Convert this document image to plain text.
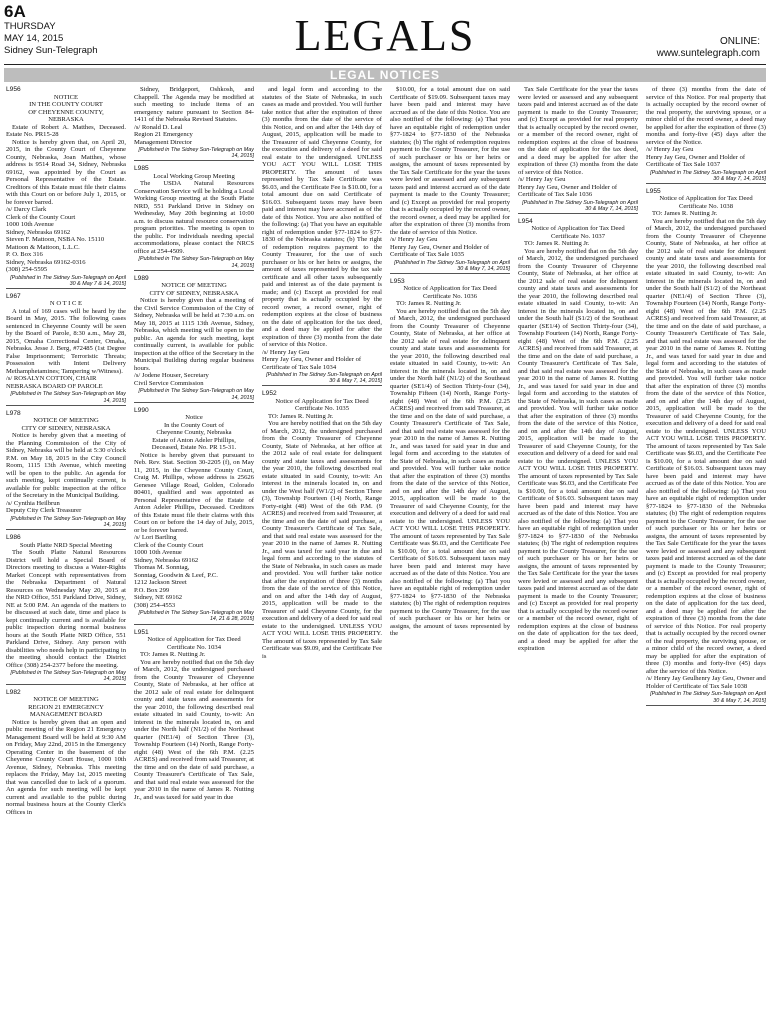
6A
THURSDAY
MAY 14, 2015
Sidney Sun-Telegraph	LEGALS	ONLINE:
www.suntelegraph.com
LEGAL NOTICES
L956
NOTICE
IN THE COUNTY COURT
OF CHEYENNE COUNTY,
NEBRASKA
Estate of Robert A. Matthes, Deceased. Estate No. PR15-28
Notice is hereby given that, on April 20, 2015, in the County Court of Cheyenne County, Nebraska, Joan Matthes, whose address is 9514 Road 34, Sidney, Nebraska 69162, was appointed by the Court as Personal Representative of the Estate. Creditors of this Estate must file their claims with this Court on or before July 1, 2015, or be forever barred.
/s/ Darcy Clark
Clerk of the County Court
1000 10th Avenue
Sidney, Nebraska 69162
Steven F. Mattoon, NSBA No. 15110
Mattoon & Mattoon, L.L.C.
P. O. Box 316
Sidney, Nebraska 69162-0316
(308) 254-5595
[Published in The Sidney Sun-Telegraph on April 30 & May 7 & 14, 2015]
L967
N O T I C E
A total of 169 cases will be heard by the Board in May, 2015. The following cases sentenced in Cheyenne County will be seen by the Board of Parole, 8:30 a.m., May 28, 2015, Omaha Correctional Center, Omaha, Nebraska. Jesse J. Berg, #72485 (1st Degree False Imprisonment; Terroristic Threats; Possession with Intent Delivery Methamphetamines; Tampering w/Witness).
/s/ ROSALYN COTTON, CHAIR
NEBRASKA BOARD OF PAROLE
[Published in The Sidney Sun-Telegraph on May 14, 2015]
L978
NOTICE OF MEETING
CITY OF SIDNEY, NEBRASKA
Notice is hereby given that a meeting of the Planning Commission of the City of Sidney, Nebraska will be held at 5:30 o'clock P.M. on May 18, 2015 in the City Council Room, 1115 13th Avenue, which meeting will be open to the public. An agenda for such meeting, kept continually current, is available for public inspection at the office of the Secretary in the Municipal Building.
/s/ Cynthia Heilbrun
Deputy City Clerk Treasurer
[Published in The Sidney Sun-Telegraph on May 14, 2015]
L986
South Platte NRD Special Meeting
The South Platte Natural Resources District will hold a Special Board of Directors meeting to discuss a Water-Rights Market Concept with representatives from the Nebraska Department of Natural Resources on Wednesday May 20, 2015 at the NRD Office, 551 Parkland Drive, Sidney, NE at 5:00 P.M. An agenda of the matters to be discussed at such date, time and place is kept continually current and is available for public inspection during normal business hours at the South Platte NRD Office, 551 Parkland Drive, Sidney. Any person with disabilities who needs help in participating in the meeting should contact the District Office (308) 254-2377 before the meeting.
[Published in The Sidney Sun-Telegraph on May 14, 2015]
L982
NOTICE OF MEETING
REGION 21 EMERGENCY
MANAGEMENT BOARD
Notice is hereby given that an open and public meeting of the Region 21 Emergency Management Board will be held at 9:30 AM on Friday, May 22nd, 2015 in the Emergency Operating Center in the basement of the Cheyenne County Court House, 1000 10th Avenue, Sidney, Nebraska. This meeting replaces the Friday, May 1st, 2015 meeting that was cancelled due to lack of a quorum. An agenda for such meeting will be kept current and available to the public during normal business hours at the County Clerk's Offices in
Sidney, Bridgeport, Oshkosh, and Chappell. The Agenda may be modified at such meeting to include items of an emergency nature pursuant to Section 84-1411 of the Nebraska Revised Statutes.
/s/ Ronald D. Leal
Region 21 Emergency
Management Director
[Published in The Sidney Sun-Telegraph on May 14, 2015]
L985
Local Working Group Meeting
The USDA Natural Resources Conservation Service will be holding a Local Working Group meeting at the South Platte NRD, 551 Parkland Drive in Sidney on Wednesday, May 20th beginning at 10:00 a.m. to discuss natural resource conservation program priorities. The meeting is open to the public. For individuals needing special accommodations, please contact the NRCS office at 254-4509.
[Published in The Sidney Sun-Telegraph on May 14, 2015]
L989
NOTICE OF MEETING
CITY OF SIDNEY, NEBRASKA
Notice is hereby given that a meeting of the Civil Service Commission of the City of Sidney, Nebraska will be held at 7:30 a.m. on May 18, 2015 at 1115 13th Avenue, Sidney, Nebraska, which meeting will be open to the public. An agenda for such meeting, kept continually current, is available for public inspection at the office of the Secretary in the Municipal Building during regular business hours.
/s/ Jodene Houser, Secretary
Civil Service Commission
[Published in The Sidney Sun-Telegraph on May 14, 2015]
L990
Notice
In the County Court of
Cheyenne County, Nebraska
Estate of Anton Adeler Phillips,
Deceased, Estate No. PR 15-31.
Notice is hereby given that pursuant to Neb. Rev. Stat. Section 30-2205 (f), on May 11, 2015, in the Cheyenne County Court, Craig M. Phillips, whose address is 25626 Genesee Village Road, Golden, Colorado 80401, qualified and was appointed as Personal Representative of the Estate of Anton Adeler Phillips, Deceased. Creditors of this Estate must file their claims with this Court on or before the 14 day of July, 2015, or be forever barred.
/s/ Lori Bartling
Clerk of the County Court
1000 10th Avenue
Sidney, Nebraska 69162
Thomas M. Sonntag,
Sonntag, Goodwin & Leef, P.C.
1212 Jackson Street
P.O. Box 299
Sidney, NE 69162
(308) 254-4553
[Published in The Sidney Sun-Telegraph on May 14, 21 & 28, 2015]
L951
Notice of Application for Tax Deed
Certificate No. 1034
TO: James R. Nutting Jr.
You are hereby notified that on the 5th day of March, 2012, the undersigned purchased from the County Treasurer of Cheyenne County, State of Nebraska, at her office at the 2012 sale of real estate for delinquent county and state taxes and assessments for the year 2010, the following described real estate situated in said County, to-wit: An interest in the minerals located in, on and under the North half (N1/2) of the Northeast quarter (NE1/4) of Section Three (3), Township Fourteen (14) North, Range Forty-eight (48) West of the 6th P.M. (2.25 ACRES) and received from said Treasurer, at the time and on the date of said purchase, a County Treasurer's Certificate of Tax Sale, and that said real estate was assessed for the year 2010 in the name of James R. Nutting Jr., and was taxed for said year in due
and legal form and according to the statutes of the State of Nebraska, in such cases as made and provided. You will further take notice that after the expiration of three (3) months from the date of the service of this Notice, and on and after the 14th day of August, 2015, application will be made to the Treasurer of said Cheyenne County, for the execution and delivery of a deed for said real estate to the undersigned. UNLESS YOU ACT YOU WILL LOSE THIS PROPERTY. The amount of taxes represented by Tax Sale Certificate was $6.03, and the Certificate Fee is $10.00, for a total amount due on said Certificate of $16.03. Subsequent taxes may have been paid and interest may have accrued as of the date of this Notice. You are also notified of the following: (a) That you have an equitable right of redemption under §77-1824 to §77-1830 of the Nebraska statutes; (b) The right of redemption requires payment to the County Treasurer, for the use of such purchaser or his or her heirs or assigns, the amount of taxes represented by the tax sale certificate and all other taxes subsequently paid and interest as of the date payment is made; and (c) Except as provided for real property that is actually occupied by the record owner, a record owner, right of redemption expires at the close of business on the date of application for the tax deed, and a deed may be applied for after the expiration of three (3) months from the date of service of this Notice.
/s/ Henry Jay Geu
Henry Jay Geu, Owner and Holder of Certificate of Tax Sale 1034
[Published in The Sidney Sun-Telegraph on April 30 & May 7, 14, 2015]
L952
Notice of Application for Tax Deed
Certificate No. 1035
TO: James R. Nutting Jr.
You are hereby notified that on the 5th day of March, 2012, the undersigned purchased from the County Treasurer of Cheyenne County, State of Nebraska, at her office at the 2012 sale of real estate for delinquent county and state taxes and assessments for the year 2010, the following described real estate situated in said County, to-wit: An interest in the minerals located in, on and under the West half (W1/2) of Section Three (3), Township Fourteen (14) North, Range Forty-eight (48) West of the 6th P.M. (9 ACRES) and received from said Treasurer, at the time and on the date of said purchase, a County Treasurer's Certificate of Tax Sale, and that said real estate was assessed for the year 2010 in the name of James R. Nutting Jr., and was taxed for said year in due and legal form and according to the statutes of the State of Nebraska, in such cases as made and provided. You will further take notice that after the expiration of three (3) months from the date of the service of this Notice, and on and after the 14th day of August, 2015, application will be made to the Treasurer of said Cheyenne County, for the execution and delivery of a deed for said real estate to the undersigned. UNLESS YOU ACT YOU WILL LOSE THIS PROPERTY. The amount of taxes represented by Tax Sale Certificate was $9.09, and the Certificate Fee is
$10.00, for a total amount due on said Certificate of $19.09. Subsequent taxes may have been paid and interest may have accrued as of the date of this Notice. You are also notified of the following: (a) That you have an equitable right of redemption under §77-1824 to §77-1830 of the Nebraska statutes; (b) The right of redemption requires payment to the County Treasurer, for the use of such purchaser or his or her heirs or assigns, the amount of taxes represented by the Tax Sale Certificate for the year the taxes were levied or assessed and any subsequent taxes paid and interest accrued as of the date payment is made to the County Treasurer; and (c) Except as provided for real property that is actually occupied by the record owner, the record owner, a deed may be applied for after the expiration of three (3) months from the date of service of this Notice.
/s/ Henry Jay Geu
Henry Jay Geu, Owner and Holder of Certificate of Tax Sale 1035
[Published in The Sidney Sun-Telegraph on April 30 & May 7, 14, 2015]
L953
Notice of Application for Tax Deed
Certificate No. 1036
TO: James R. Nutting Jr.
You are hereby notified that on the 5th day of March, 2012, the undersigned purchased from the County Treasurer of Cheyenne County, State of Nebraska, at her office at the 2012 sale of real estate for delinquent county and state taxes and assessments for the year 2010, the following described real estate situated in said County, to-wit: An interest in the minerals located in, on and under the North half (N1/2) of the Southeast quarter (SE1/4) of Section Thirty-four (34), Township Fifteen (14) North, Range Forty-eight (48) West of the 6th P.M. (2.25 ACRES) and received from said Treasurer, at the time and on the date of said purchase, a County Treasurer's Certificate of Tax Sale, and that said real estate was assessed for the year 2010 in the name of James R. Nutting Jr., and was taxed for said year in due and legal form and according to the statutes of the State of Nebraska, in such cases as made and provided. You will further take notice that after the expiration of three (3) months from the date of the service of this Notice, and on and after the 14th day of August, 2015, application will be made to the Treasurer of said Cheyenne County, for the execution and delivery of a deed for said real estate to the undersigned. UNLESS YOU ACT YOU WILL LOSE THIS PROPERTY. The amount of taxes represented by Tax Sale Certificate was $6.03, and the Certificate Fee is $10.00, for a total amount due on said Certificate of $16.03. Subsequent taxes may have been paid and interest may have accrued as of the date of this Notice. You are also notified of the following: (a) That you have an equitable right of redemption under §77-1824 to §77-1830 of the Nebraska statutes; (b) The right of redemption requires payment to the County Treasurer, for the use of such purchaser or his or her heirs or assigns, the amount of taxes represented by the
Tax Sale Certificate for the year the taxes were levied or assessed and any subsequent taxes paid and interest accrued as of the date payment is made to the County Treasurer; and (c) Except as provided for real property that is actually occupied by the record owner, or a member of the record owner, right of redemption expires at the close of business on the date of application for the tax deed, and a deed may be applied for after the expiration of three (3) months from the date of service of this Notice.
/s/ Henry Jay Geu
Henry Jay Geu, Owner and Holder of Certificate of Tax Sale 1036
[Published in The Sidney Sun-Telegraph on April 30 & May 7, 14, 2015]
L954
Notice of Application for Tax Deed
Certificate No. 1037
TO: James R. Nutting Jr.
You are hereby notified that on the 5th day of March, 2012, the undersigned purchased from the County Treasurer of Cheyenne County, State of Nebraska, at her office at the 2012 sale of real estate for delinquent county and state taxes and assessments for the year 2010, the following described real estate situated in said County, to-wit: An interest in the minerals located in, on and under the South half (S1/2) of the Southeast quarter (SE1/4) of Section Thirty-four (34), Township Fourteen (14) North, Range Forty-eight (48) West of the 6th P.M. (2.25 ACRES) and received from said Treasurer, at the time and on the date of said purchase, a County Treasurer's Certificate of Tax Sale, and that said real estate was assessed for the year 2010 in the name of James R. Nutting Jr., and was taxed for said year in due and legal form and according to the statutes of the State of Nebraska, in such cases as made and provided. You will further take notice that after the expiration of three (3) months from the date of the service of this Notice, and on and after the 14th day of August, 2015, application will be made to the Treasurer of said Cheyenne County, for the execution and delivery of a deed for said real estate to the undersigned. UNLESS YOU ACT YOU WILL LOSE THIS PROPERTY. The amount of taxes represented by Tax Sale Certificate was $6.03, and the Certificate Fee is $10.00, for a total amount due on said Certificate of $16.03. Subsequent taxes may have been paid and interest may have accrued as of the date of this Notice. You are also notified of the following: (a) That you have an equitable right of redemption under §77-1824 to §77-1830 of the Nebraska statutes; (b) The right of redemption requires payment to the County Treasurer, for the use of such purchaser or his or her heirs or assigns, the amount of taxes represented by the Tax Sale Certificate for the year the taxes were levied or assessed and any subsequent taxes paid and interest accrued as of the date payment is made to the County Treasurer; and (c) Except as provided for real property that is actually occupied by the record owner or a member of the record owner, right of redemption expires at the close of business on the date of application for the tax deed, and a deed may be applied for after the expiration
of three (3) months from the date of service of this Notice. For real property that is actually occupied by the record owner of the real property, the surviving spouse, or a minor child of the record owner, a deed may be applied for after the expiration of three (3) months and forty-five (45) days after the service of the Notice.
/s/ Henry Jay Geu
Henry Jay Geu, Owner and Holder of Certificate of Tax Sale 1037
[Published in The Sidney Sun-Telegraph on April 30 & May 7, 14, 2015]
L955
Notice of Application for Tax Deed
Certificate No. 1038
TO: James R. Nutting Jr.
You are hereby notified that on the 5th day of March, 2012, the undersigned purchased from the County Treasurer of Cheyenne County, State of Nebraska, at her office at the 2012 sale of real estate for delinquent county and state taxes and assessments for the year 2010, the following described real estate situated in said County, to-wit: An interest in the minerals located in, on and under the South half (S1/2) of the Northeast quarter (NE1/4) of Section Three (3), Township Fourteen (14) North, Range Forty-eight (48) West of the 6th P.M. (2.25 ACRES) and received from said Treasurer, at the time and on the date of said purchase, a County Treasurer's Certificate of Tax Sale, and that said real estate was assessed for the year 2010 in the name of James R. Nutting Jr., and was taxed for said year in due and legal form and according to the statutes of the State of Nebraska, in such cases as made and provided. You will further take notice that after the expiration of three (3) months from the date of the service of this Notice, and on and after the 14th day of August, 2015, application will be made to the Treasurer of said Cheyenne County, for the execution and delivery of a deed for said real estate to the undersigned. UNLESS YOU ACT YOU WILL LOSE THIS PROPERTY. The amount of taxes represented by Tax Sale Certificate was $6.03, and the Certificate Fee is $10.00, for a total amount due on said Certificate of $16.03. Subsequent taxes may have been paid and interest may have accrued as of the date of this Notice. You are also notified of the following: (a) That you have an equitable right of redemption under §77-1824 to §77-1830 of the Nebraska statutes; (b) The right of redemption requires payment to the County Treasurer, for the use of such purchaser or his or her heirs or assigns, the amount of taxes represented by the Tax Sale Certificate for the year the taxes were levied or assessed and any subsequent taxes paid and interest accrued as of the date payment is made to the County Treasurer; and (c) Except as provided for real property that is actually occupied by the record owner, or a member of the record owner, right of redemption expires at the close of business on the date of application for the tax deed, and a deed may be applied for after the expiration of three (3) months from the date of service of this Notice. For real property that is actually occupied by the record owner of the real property, the surviving spouse, or a minor child of the record owner, a deed may be applied for after the expiration of three (3) months and forty-five (45) days after the service of this Notice.
/s/ Henry Jay Geulhenry Jay Geu, Owner and Holder of Certificate of Tax Sale 1038
[Published in The Sidney Sun-Telegraph on April 30 & May 7, 14, 2015]
